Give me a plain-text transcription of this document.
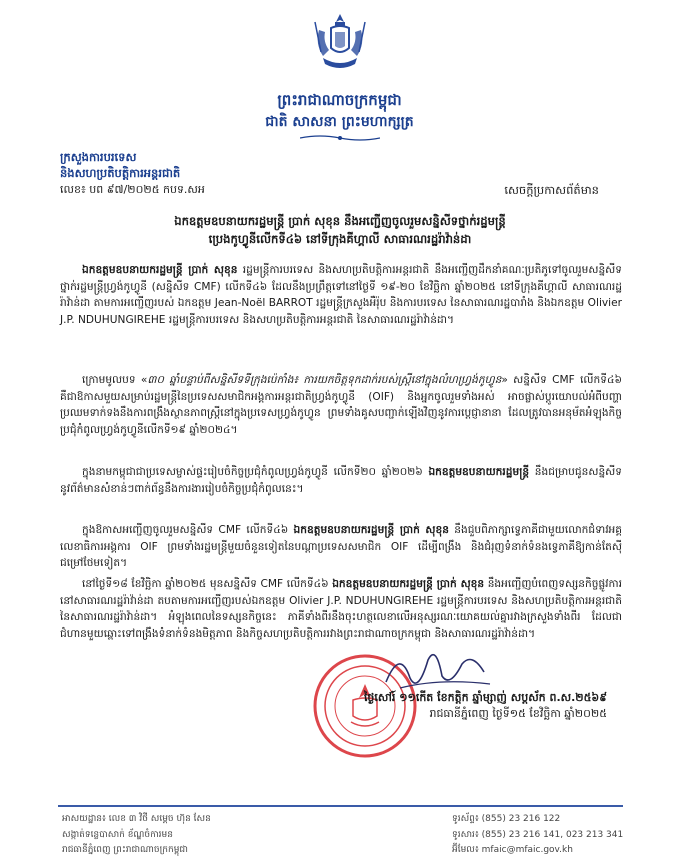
ព្រះរាជាណាចក្រកម្ពុជា
ជាតិ សាសនា ព្រះមហាក្សត្រ
ក្រសួងការបរទេស
និងសហប្រតិបត្តិការអន្តរជាតិ
លេខ៖ បព ៩៧/២០២៥ កបទ.សអ	សេចក្តីប្រកាសព័ត៌មាន
ឯកឧត្តមឧបនាយករដ្ឋមន្ត្រី ប្រាក់ សុខុន នឹងអញ្ជើញចូលរួមសន្និសីទថ្នាក់រដ្ឋមន្ត្រី
ប្រេងកូហ្វូនីលើកទី៤៦ នៅទីក្រុងគីហ្គាលី សាធារណរដ្ឋរ៉ាវ៉ាន់ដា
ឯកឧត្តមឧបនាយករដ្ឋមន្ត្រី ប្រាក់ សុខុន រដ្ឋមន្ត្រីការបរទេស និងសហប្រតិបត្តិការអន្តរជាតិ នឹងអញ្ជើញដឹកនាំគណៈប្រតិភូទៅចូលរួមសន្និសីទថ្នាក់រដ្ឋមន្ត្រីហ្វ្រង់កូហ្វូនី (សន្និសីទ CMF) លើកទី៤៦ ដែលនឹងប្រព្រឹត្តទៅនៅថ្ងៃទី ១៩-២០ ខែវិច្ឆិកា ឆ្នាំ២០២៥ នៅទីក្រុងគីហ្គាលី សាធារណរដ្ឋរ៉ាវ៉ាន់ដា តាមការអញ្ជើញរបស់ ឯកឧត្តម Jean-Noël BARROT រដ្ឋមន្ត្រីក្រសួងអឺរ៉ុប និងការបរទេស នៃសាធារណរដ្ឋបារាំង និងឯកឧត្តម Olivier J.P. NDUHUNGIREHE រដ្ឋមន្ត្រីការបរទេស និងសហប្រតិបត្តិការអន្តរជាតិ នៃសាធារណរដ្ឋរ៉ាវ៉ាន់ដា។
ក្រោមមូលបទ «៣០ ឆ្នាំបន្ទាប់ពីសន្និសីទទីក្រុងប៉េកាំង៖ ការយកចិត្តទុកដាក់របស់ស្ត្រីនៅក្នុងលំហហ្វ្រង់កូហ្វូន» សន្និសីទ CMF លើកទី៤៦ គឺជាឱកាសមួយសម្រាប់រដ្ឋមន្ត្រីនៃប្រទេសសមាជិកអង្គការអន្តរជាតិហ្វ្រង់កូហ្វូនី (OIF) និងអ្នកចូលរួមទាំងអស់ អាចផ្លាស់ប្តូរយោបល់អំពីបញ្ហាប្រឈមទាក់ទងនឹងការពង្រឹងស្ថានភាពស្ត្រីនៅក្នុងប្រទេសហ្វ្រង់កូហ្វូន ព្រមទាំងគូសបញ្ជាក់ឡើងវិញនូវការប្តេជ្ញានានា ដែលត្រូវបានអនុម័តអំឡុងកិច្ចប្រជុំកំពូលហ្វ្រង់កូហ្វូនីលើកទី១៩ ឆ្នាំ២០២៤។
ក្នុងនាមកម្ពុជាជាប្រទេសម្ចាស់ផ្ទះរៀបចំកិច្ចប្រជុំកំពូលហ្វ្រង់កូហ្វូនី លើកទី២០ ឆ្នាំ២០២៦ ឯកឧត្តមឧបនាយករដ្ឋមន្ត្រី នឹងជម្រាបជូនសន្និសីទនូវព័ត៌មានសំខាន់ៗពាក់ព័ន្ធនឹងការងាររៀបចំកិច្ចប្រជុំកំពូលនេះ។
ក្នុងឱកាសអញ្ជើញចូលរួមសន្និសីទ CMF លើកទី៤៦ ឯកឧត្តមឧបនាយករដ្ឋមន្ត្រី ប្រាក់ សុខុន នឹងជួបពិភាក្សាទ្វេភាគីជាមួយលោកជំទាវអគ្គលេខាធិការអង្គការ OIF ព្រមទាំងរដ្ឋមន្ត្រីមួយចំនួនទៀតនៃបណ្តាប្រទេសសមាជិក OIF ដើម្បីពង្រឹង និងជំរុញទំនាក់ទំនងទ្វេភាគីឱ្យកាន់តែស៊ីជម្រៅថែមទៀត។
នៅថ្ងៃទី១៨ ខែវិច្ឆិកា ឆ្នាំ២០២៥ មុនសន្និសីទ CMF លើកទី៤៦ ឯកឧត្តមឧបនាយករដ្ឋមន្ត្រី ប្រាក់ សុខុន នឹងអញ្ជើញបំពេញទស្សនកិច្ចផ្លូវការនៅសាធារណរដ្ឋរ៉ាវ៉ាន់ដា តបតាមការអញ្ជើញរបស់ឯកឧត្តម Olivier J.P. NDUHUNGIREHE រដ្ឋមន្ត្រីការបរទេស និងសហប្រតិបត្តិការអន្តរជាតិ នៃសាធារណរដ្ឋរ៉ាវ៉ាន់ដា។ អំឡុងពេលនៃទស្សនកិច្ចនេះ ភាគីទាំងពីរនឹងចុះហត្ថលេខាលើអនុស្សរណៈយោគយល់គ្នារវាងក្រសួងទាំងពីរ ដែលជាជំហានមួយឆ្ពោះទៅពង្រឹងទំនាក់ទំនងមិត្តភាព និងកិច្ចសហប្រតិបត្តិការរវាងព្រះរាជាណាចក្រកម្ពុជា និងសាធារណរដ្ឋរ៉ាវ៉ាន់ដា។
ថ្ងៃសៅរ៍ ១១កើត ខែកត្តិក ឆ្នាំម្សាញ់ សប្តស័ក ព.ស.២៥៦៩
រាជធានីភ្នំពេញ ថ្ងៃទី១៥ ខែវិច្ឆិកា ឆ្នាំ២០២៥
អាសយដ្ឋាន៖ លេខ ៣ វិថី សម្តេច ហ៊ុន សែន
សង្កាត់ទន្លេបាសាក់ ខ័ណ្ឌចំការមន
រាជធានីភ្នំពេញ ព្រះរាជាណាចក្រកម្ពុជា
ទូរស័ព្ទ៖ (855) 23 216 122
ទូរសារ៖ (855) 23 216 141, 023 213 341
អ៊ីមែល៖ mfaic@mfaic.gov.kh
